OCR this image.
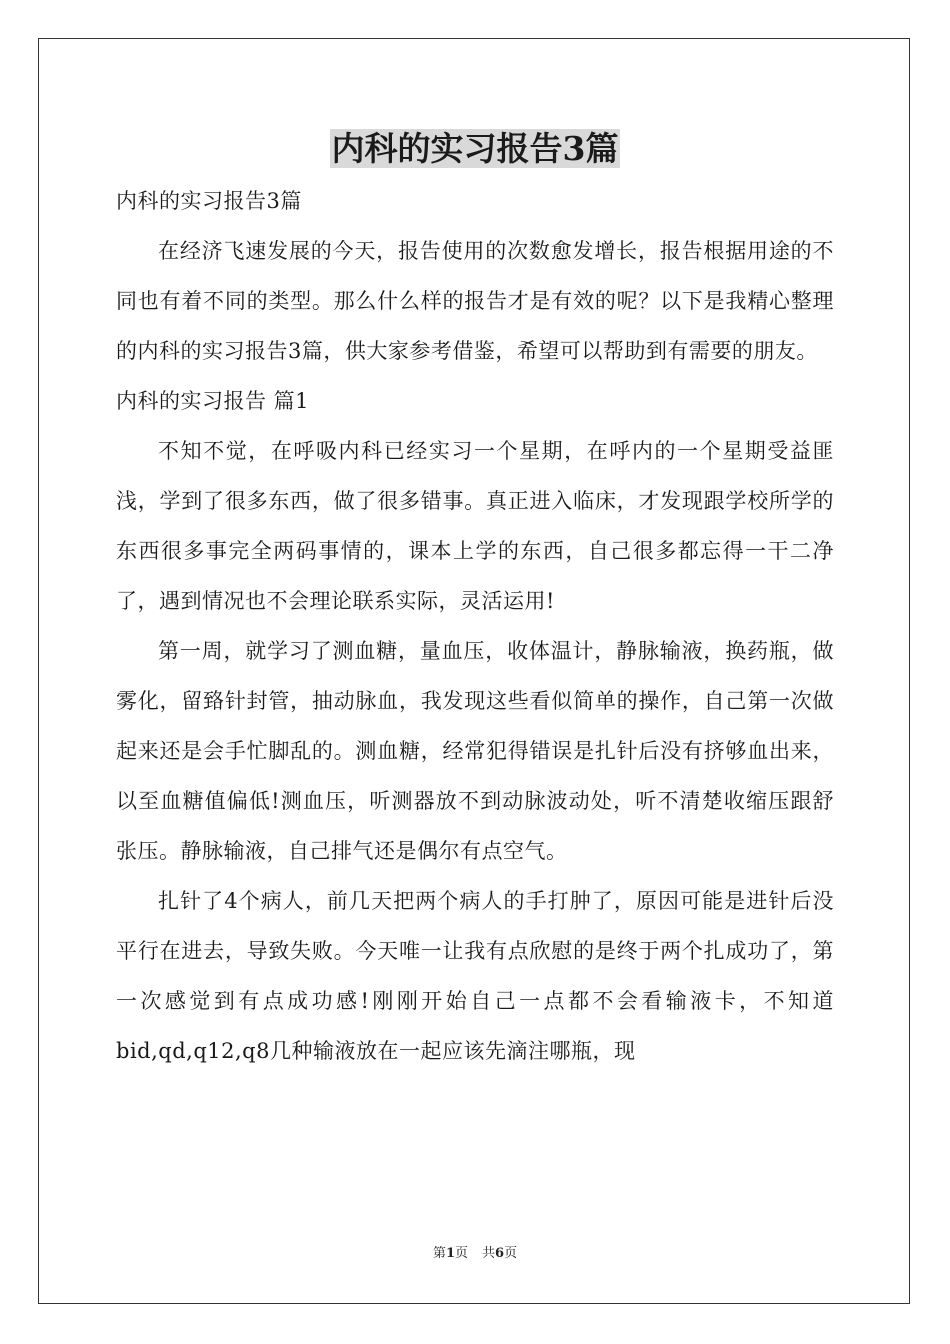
内科的实习报告3篇

内科的实习报告3篇

在经济飞速发展的今天，报告使用的次数愈发增长，报告根据用途的不同也有着不同的类型。那么什么样的报告才是有效的呢？以下是我精心整理的内科的实习报告3篇，供大家参考借鉴，希望可以帮助到有需要的朋友。

内科的实习报告 篇1

不知不觉，在呼吸内科已经实习一个星期，在呼内的一个星期受益匪浅，学到了很多东西，做了很多错事。真正进入临床，才发现跟学校所学的东西很多事完全两码事情的，课本上学的东西，自己很多都忘得一干二净了，遇到情况也不会理论联系实际，灵活运用!

第一周，就学习了测血糖，量血压，收体温计，静脉输液，换药瓶，做雾化，留臵针封管，抽动脉血，我发现这些看似简单的操作，自己第一次做起来还是会手忙脚乱的。测血糖，经常犯得错误是扎针后没有挤够血出来，以至血糖值偏低!测血压，听测器放不到动脉波动处，听不清楚收缩压跟舒张压。静脉输液，自己排气还是偶尔有点空气。

扎针了4个病人，前几天把两个病人的手打肿了，原因可能是进针后没平行在进去，导致失败。今天唯一让我有点欣慰的是终于两个扎成功了，第一次感觉到有点成功感!刚刚开始自己一点都不会看输液卡，不知道bid,qd,q12,q8几种输液放在一起应该先滴注哪瓶，现

第1页 共6页
